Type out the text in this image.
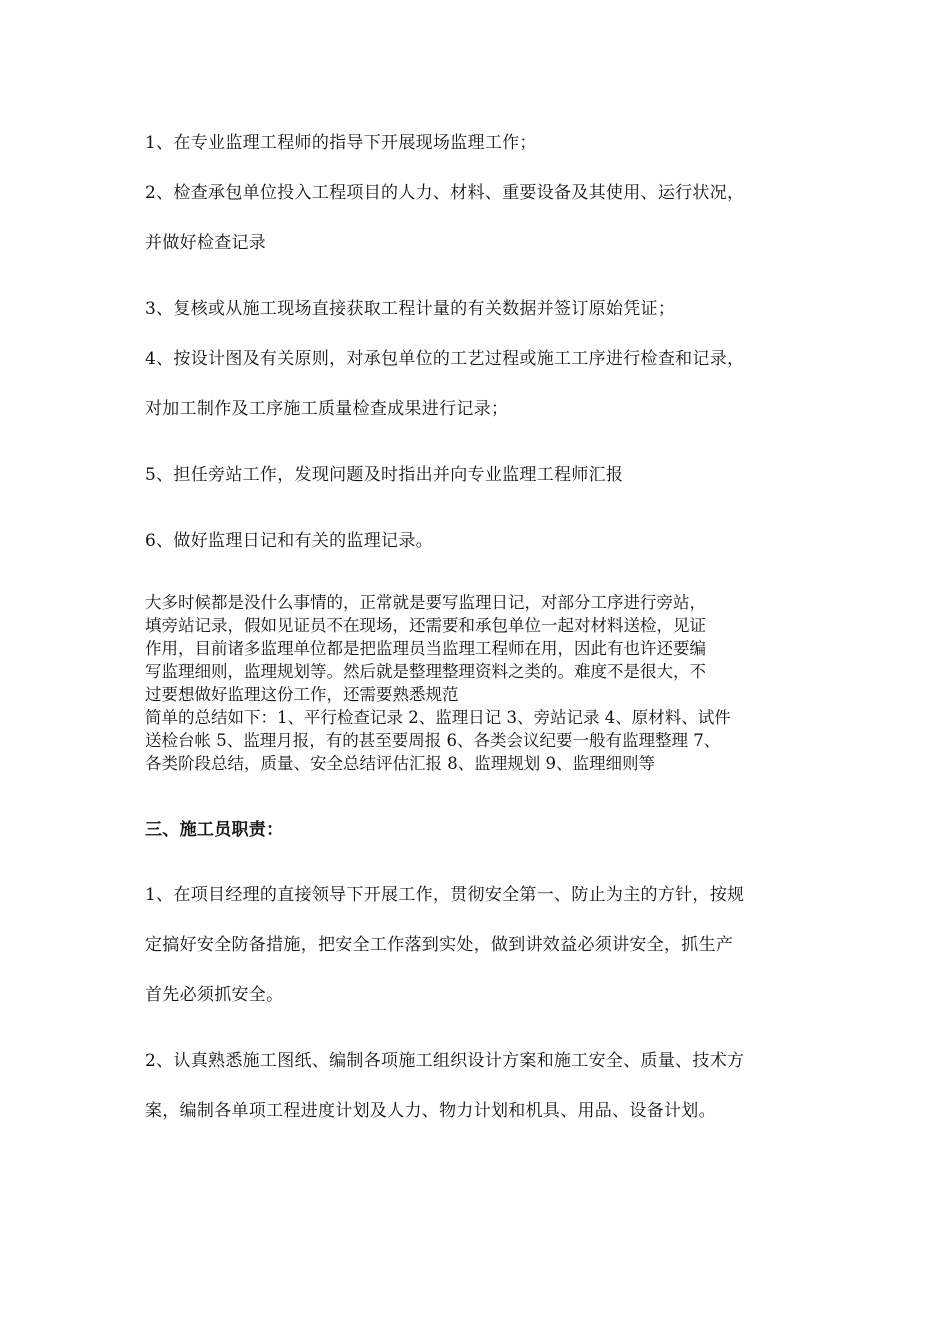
1、在专业监理工程师的指导下开展现场监理工作；
2、检查承包单位投入工程项目的人力、材料、重要设备及其使用、运行状况，
并做好检查记录
3、复核或从施工现场直接获取工程计量的有关数据并签订原始凭证；
4、按设计图及有关原则，对承包单位的工艺过程或施工工序进行检查和记录，
对加工制作及工序施工质量检查成果进行记录；
5、担任旁站工作，发现问题及时指出并向专业监理工程师汇报
6、做好监理日记和有关的监理记录。
大多时候都是没什么事情的，正常就是要写监理日记，对部分工序进行旁站，
填旁站记录，假如见证员不在现场，还需要和承包单位一起对材料送检，见证
作用，目前诸多监理单位都是把监理员当监理工程师在用，因此有也许还要编
写监理细则，监理规划等。然后就是整理整理资料之类的。难度不是很大，不
过要想做好监理这份工作，还需要熟悉规范
简单的总结如下：1、平行检查记录 2、监理日记 3、旁站记录 4、原材料、试件
送检台帐 5、监理月报，有的甚至要周报 6、各类会议纪要一般有监理整理 7、
各类阶段总结，质量、安全总结评估汇报 8、监理规划 9、监理细则等
三、施工员职责：
1、在项目经理的直接领导下开展工作，贯彻安全第一、防止为主的方针，按规
定搞好安全防备措施，把安全工作落到实处，做到讲效益必须讲安全，抓生产
首先必须抓安全。
2、认真熟悉施工图纸、编制各项施工组织设计方案和施工安全、质量、技术方
案，编制各单项工程进度计划及人力、物力计划和机具、用品、设备计划。
